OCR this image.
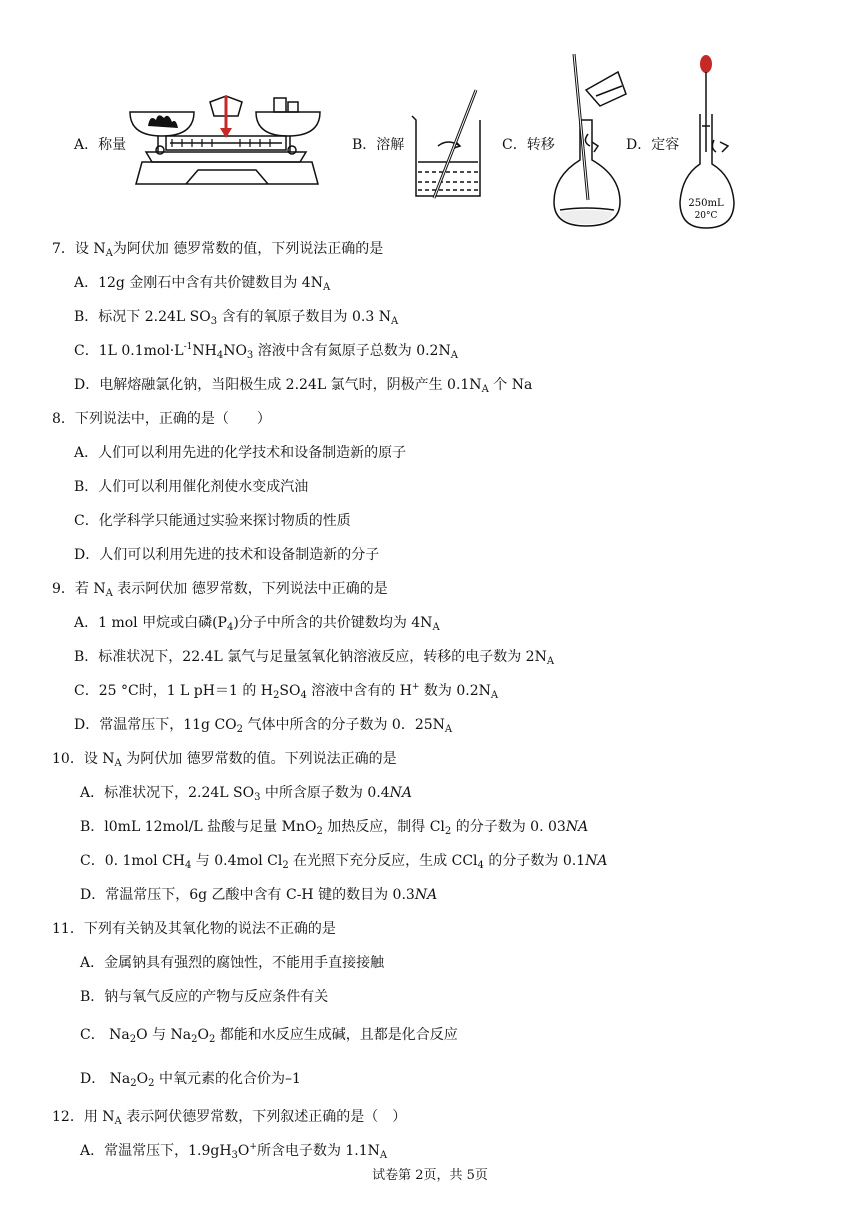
A．称量	B．溶解	C．转移	D．定容
250mL
20°C
7．设 $N_A$为阿伏加 德罗常数的值，下列说法正确的是
A．12g 金刚石中含有共价键数目为 $4N_A$
B．标况下 2.24L $SO_3$ 含有的氧原子数目为 0.3 $N_A$
C．1L $0.1mol\cdot L^{-1}NH_4NO_3$ 溶液中含有氮原子总数为 $0.2N_A$
D．电解熔融氯化钠，当阳极生成 2.24L 氯气时，阴极产生 $0.1N_A$ 个 Na
8．下列说法中，正确的是（　　）
A．人们可以利用先进的化学技术和设备制造新的原子
B．人们可以利用催化剂使水变成汽油
C．化学科学只能通过实验来探讨物质的性质
D．人们可以利用先进的技术和设备制造新的分子
9．若 $N_A$ 表示阿伏加 德罗常数，下列说法中正确的是
A．1 mol 甲烷或白磷$(P_4)$分子中所含的共价键数均为 $4N_A$
B．标准状况下，22.4L 氯气与足量氢氧化钠溶液反应，转移的电子数为 $2N_A$
C．25 °C时，1 L pH＝1 的 $H_2SO_4$ 溶液中含有的 H+ 数为 $0.2N_A$
D．常温常压下，11g $CO_2$ 气体中所含的分子数为 0．$25N_A$
10．设 $N_A$ 为阿伏加 德罗常数的值。下列说法正确的是
A．标准状况下，2.24L $SO_3$ 中所含原子数为 0.4NA
B．l0mL 12mol/L 盐酸与足量 MnO$_2$ 加热反应，制得 $Cl_2$ 的分子数为 0. 03NA
C．0. 1mol $CH_4$ 与 0.4mol $Cl_2$ 在光照下充分反应，生成 CCl$_4$ 的分子数为 0.1NA
D．常温常压下，6g 乙酸中含有 C-H 键的数目为 0.3NA
11．下列有关钠及其氧化物的说法不正确的是
A．金属钠具有强烈的腐蚀性，不能用手直接接触
B．钠与氧气反应的产物与反应条件有关
C． $Na_2O$ 与 $Na_2O_2$ 都能和水反应生成碱，且都是化合反应
D． $Na_2O_2$ 中氧元素的化合价为–1
12．用 $N_A$ 表示阿伏德罗常数，下列叙述正确的是（　）
A．常温常压下，$1.9gH_3O^+$所含电子数为 $1.1N_A$
试卷第 2页，共 5页
